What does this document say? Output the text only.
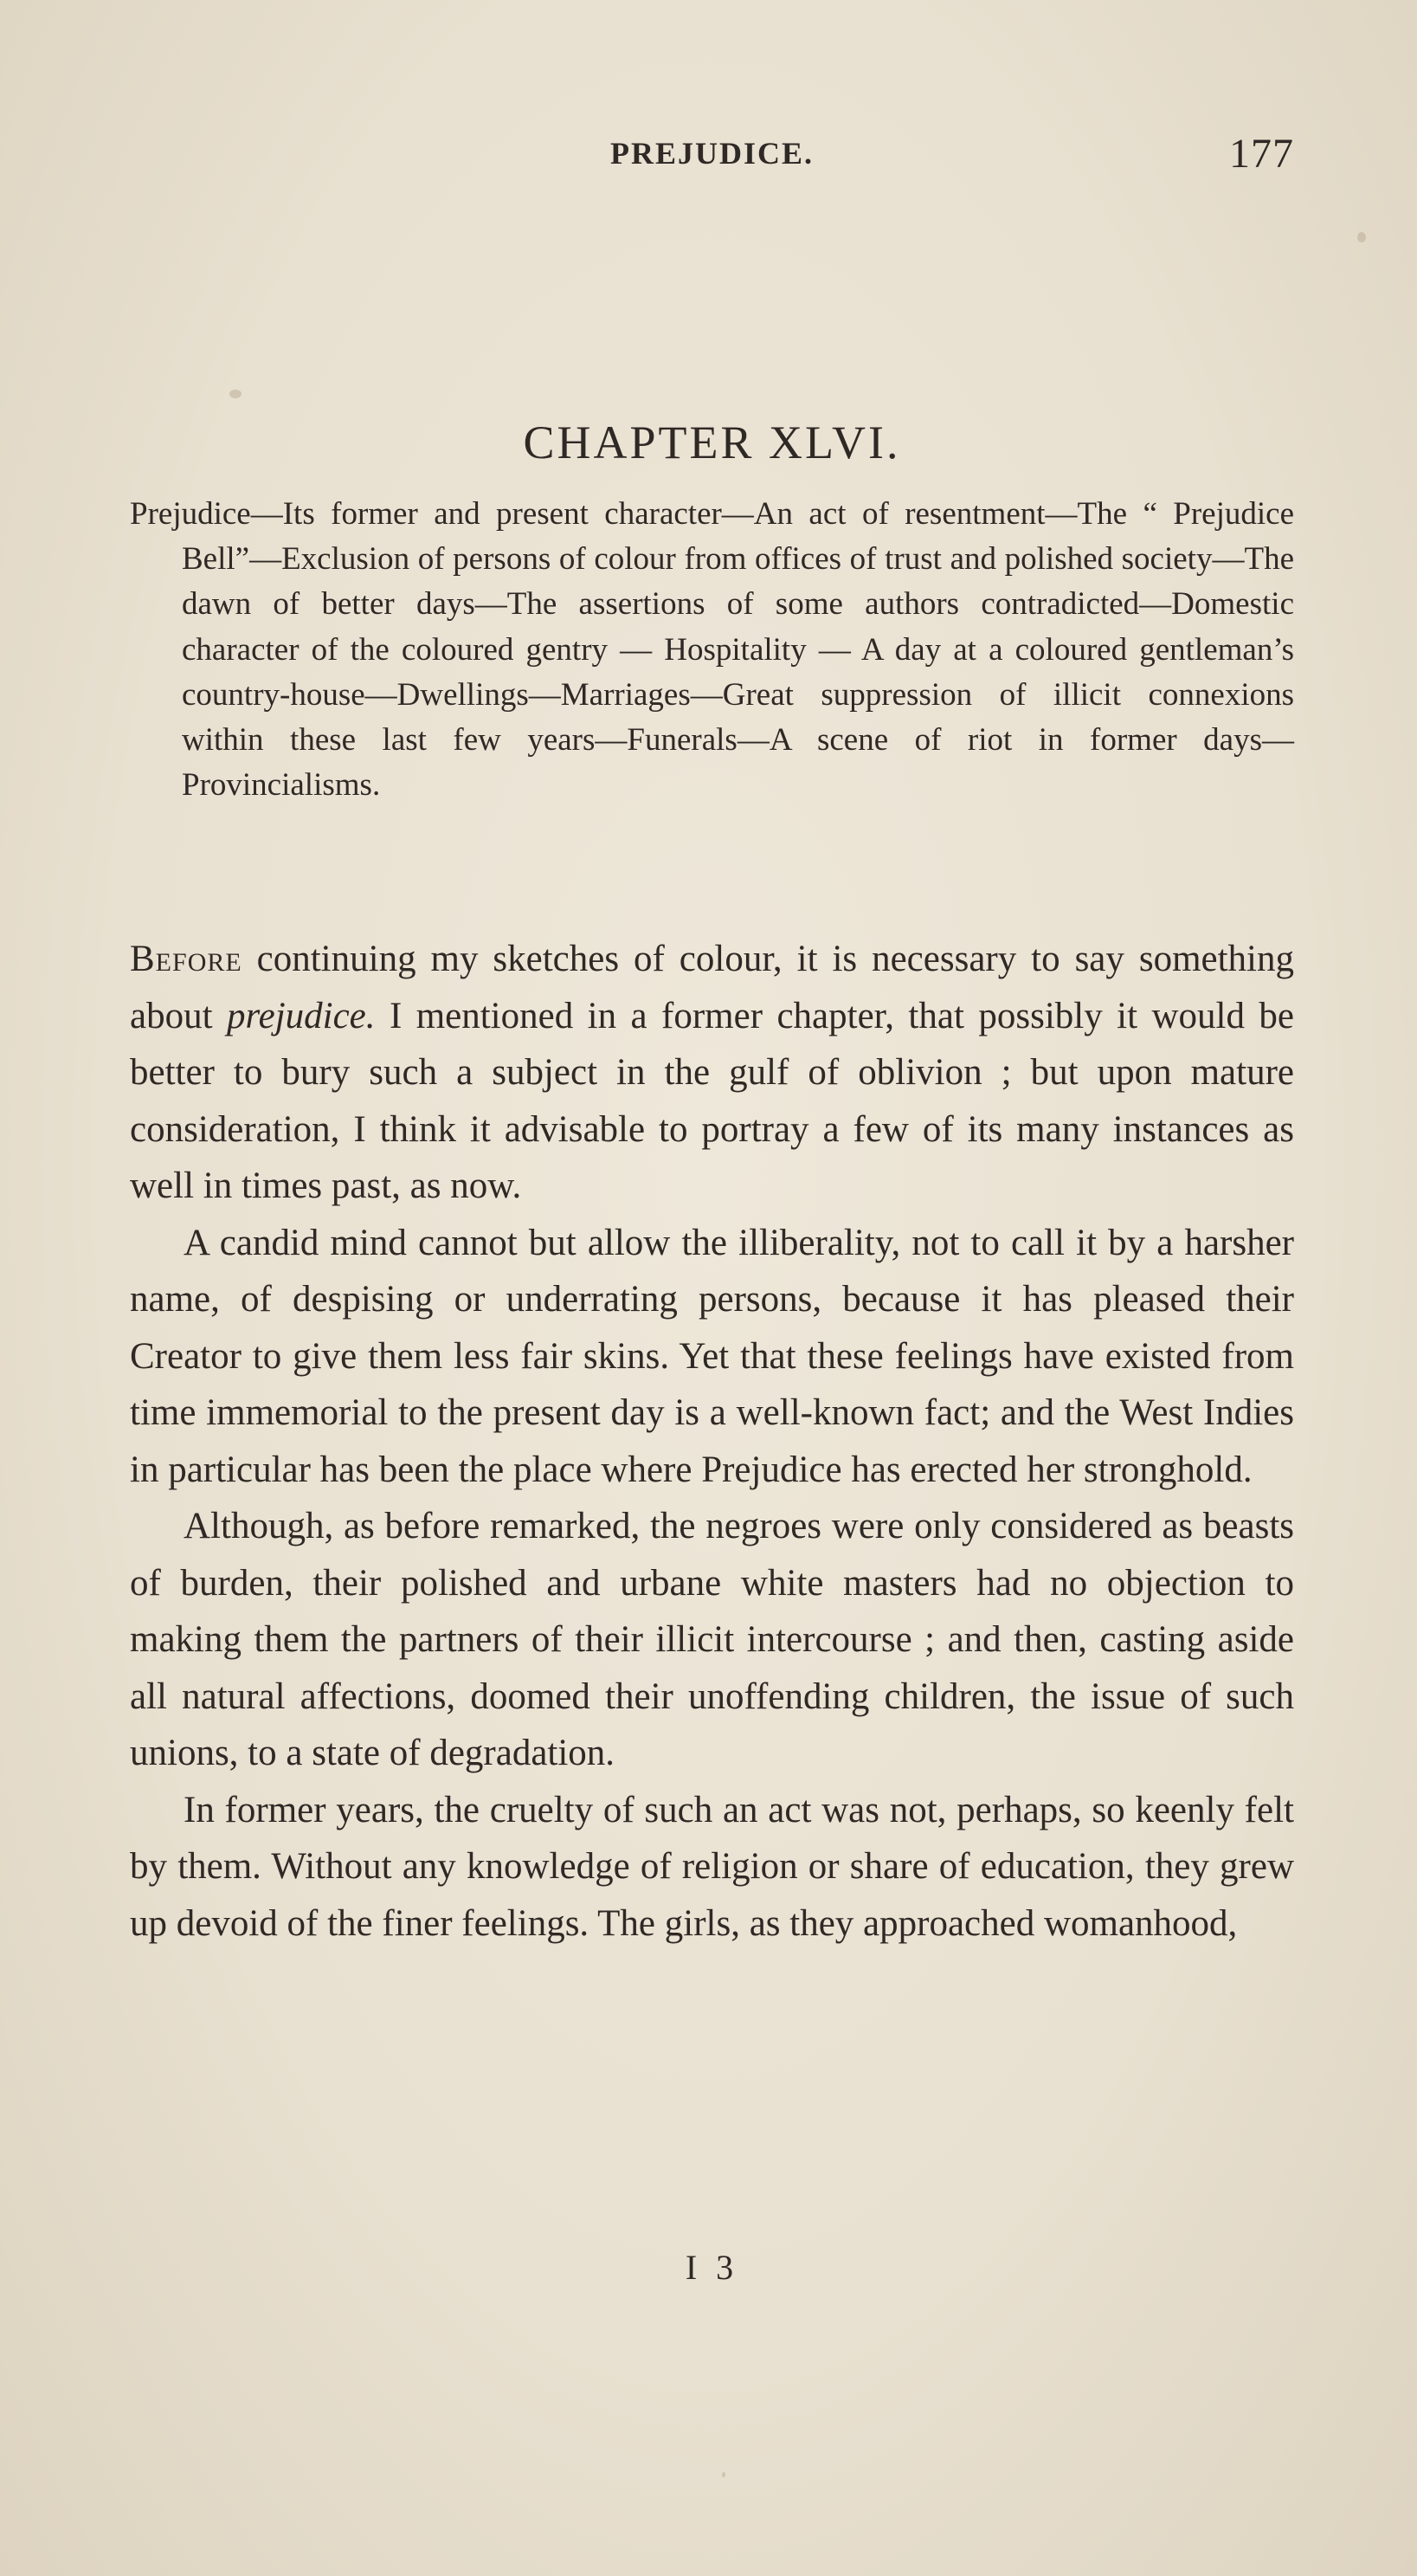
PREJUDICE.	177
CHAPTER XLVI.
Prejudice—Its former and present character—An act of resentment—The “ Prejudice Bell”—Exclusion of persons of colour from offices of trust and polished society—The dawn of better days—The assertions of some authors contradicted—Domestic character of the coloured gentry — Hospitality — A day at a coloured gentleman’s country-house—Dwellings—Marriages—Great suppression of illicit connexions within these last few years—Funerals—A scene of riot in former days—Provincialisms.

Before continuing my sketches of colour, it is necessary to say something about prejudice. I mentioned in a former chapter, that possibly it would be better to bury such a subject in the gulf of oblivion ; but upon mature consideration, I think it advisable to portray a few of its many instances as well in times past, as now.

A candid mind cannot but allow the illiberality, not to call it by a harsher name, of despising or underrating persons, because it has pleased their Creator to give them less fair skins. Yet that these feelings have existed from time immemorial to the present day is a well-known fact; and the West Indies in particular has been the place where Prejudice has erected her stronghold.

Although, as before remarked, the negroes were only considered as beasts of burden, their polished and urbane white masters had no objection to making them the partners of their illicit intercourse ; and then, casting aside all natural affections, doomed their unoffending children, the issue of such unions, to a state of degradation.

In former years, the cruelty of such an act was not, perhaps, so keenly felt by them. Without any knowledge of religion or share of education, they grew up devoid of the finer feelings. The girls, as they approached womanhood,

I 3
